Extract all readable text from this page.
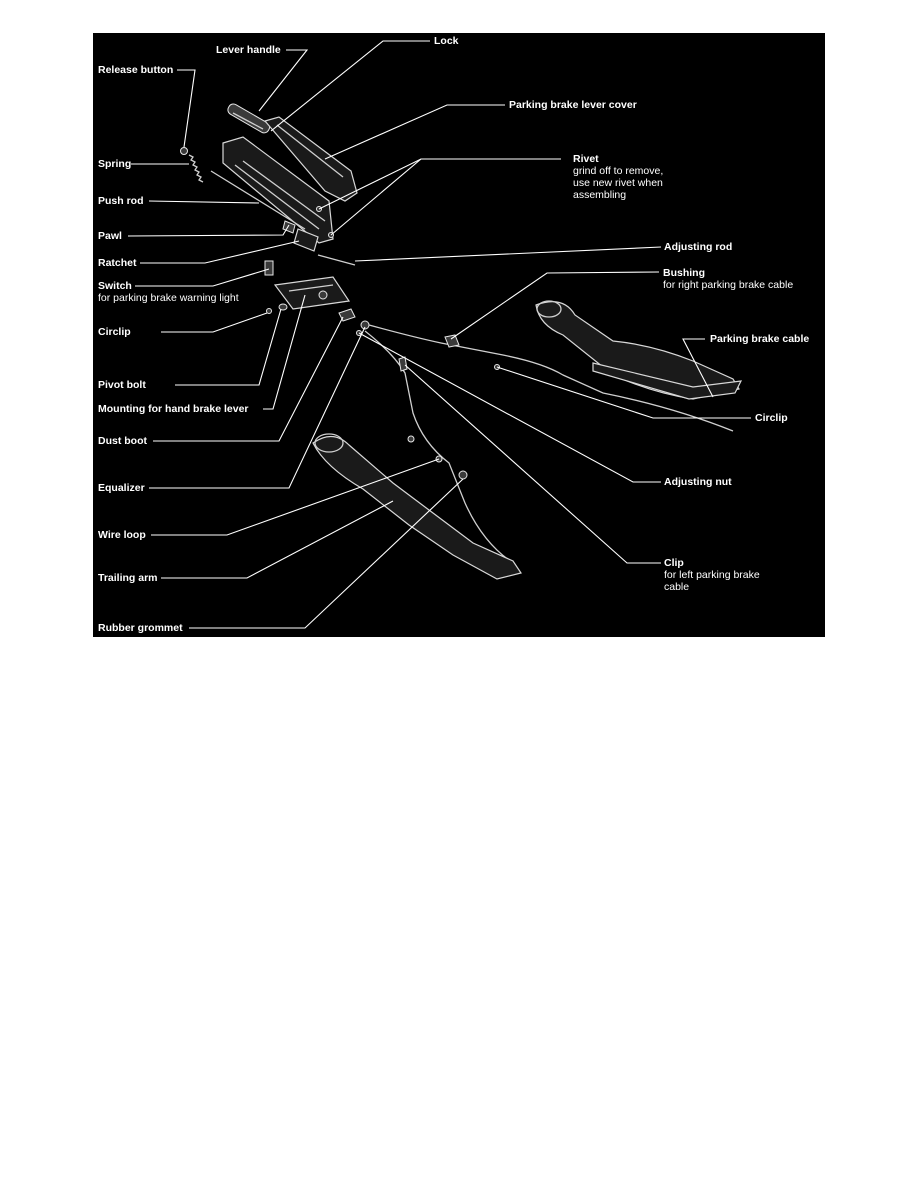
Lever handle
Lock
Release button
Parking brake lever cover
Spring	Rivet
grind off to remove,
use new rivet when
assembling
Push rod
Pawl
Adjusting rod
Ratchet
Switch
for parking brake warning light
Bushing
for right parking brake cable
Circlip
Parking brake cable
Pivot bolt
Mounting for hand brake lever
Circlip
Dust boot
Adjusting nut
Equalizer
Wire loop
Clip
for left parking brake
cable
Trailing arm
Rubber grommet
